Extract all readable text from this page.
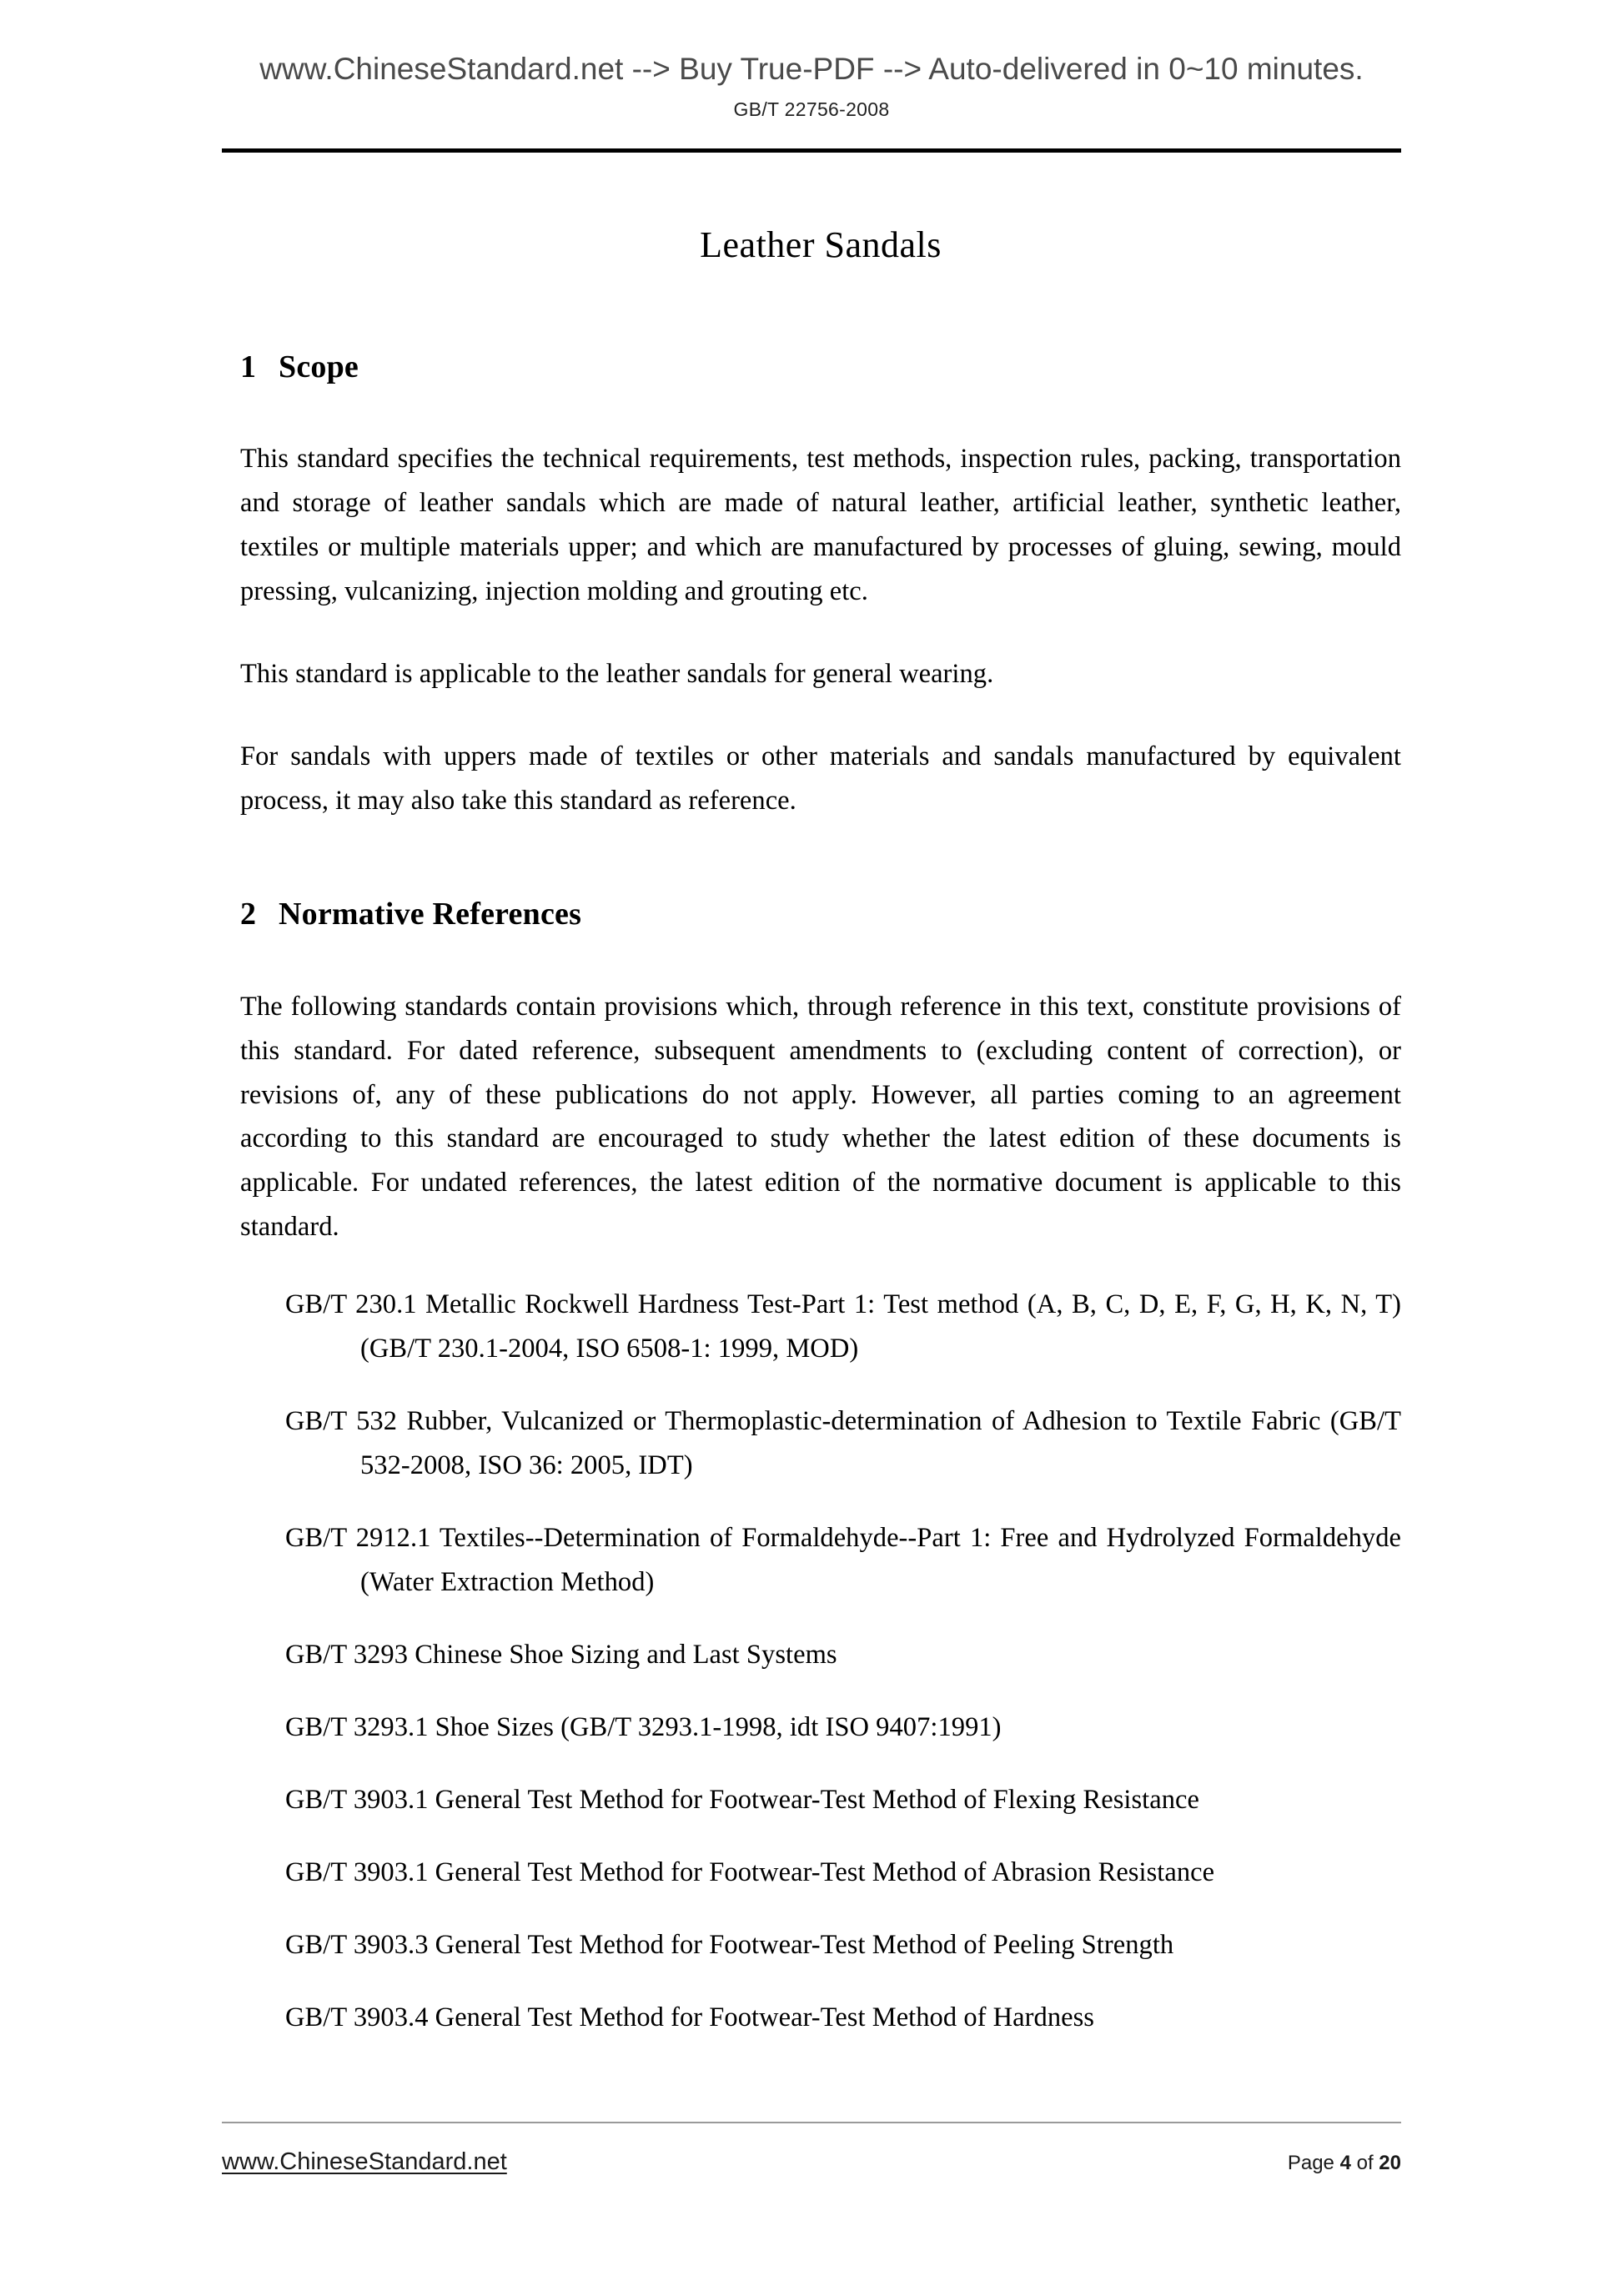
www.ChineseStandard.net --> Buy True-PDF --> Auto-delivered in 0~10 minutes.
GB/T 22756-2008
Leather Sandals
1 Scope

This standard specifies the technical requirements, test methods, inspection rules, packing, transportation and storage of leather sandals which are made of natural leather, artificial leather, synthetic leather, textiles or multiple materials upper; and which are manufactured by processes of gluing, sewing, mould pressing, vulcanizing, injection molding and grouting etc.

This standard is applicable to the leather sandals for general wearing.

For sandals with uppers made of textiles or other materials and sandals manufactured by equivalent process, it may also take this standard as reference.

2 Normative References

The following standards contain provisions which, through reference in this text, constitute provisions of this standard. For dated reference, subsequent amendments to (excluding content of correction), or revisions of, any of these publications do not apply. However, all parties coming to an agreement according to this standard are encouraged to study whether the latest edition of these documents is applicable. For undated references, the latest edition of the normative document is applicable to this standard.

GB/T 230.1 Metallic Rockwell Hardness Test-Part 1: Test method (A, B, C, D, E, F, G, H, K, N, T) (GB/T 230.1-2004, ISO 6508-1: 1999, MOD)
GB/T 532 Rubber, Vulcanized or Thermoplastic-determination of Adhesion to Textile Fabric (GB/T 532-2008, ISO 36: 2005, IDT)
GB/T 2912.1 Textiles--Determination of Formaldehyde--Part 1: Free and Hydrolyzed Formaldehyde (Water Extraction Method)
GB/T 3293 Chinese Shoe Sizing and Last Systems
GB/T 3293.1 Shoe Sizes (GB/T 3293.1-1998, idt ISO 9407:1991)
GB/T 3903.1 General Test Method for Footwear-Test Method of Flexing Resistance
GB/T 3903.1 General Test Method for Footwear-Test Method of Abrasion Resistance
GB/T 3903.3 General Test Method for Footwear-Test Method of Peeling Strength
GB/T 3903.4 General Test Method for Footwear-Test Method of Hardness
www.ChineseStandard.net	Page 4 of 20
